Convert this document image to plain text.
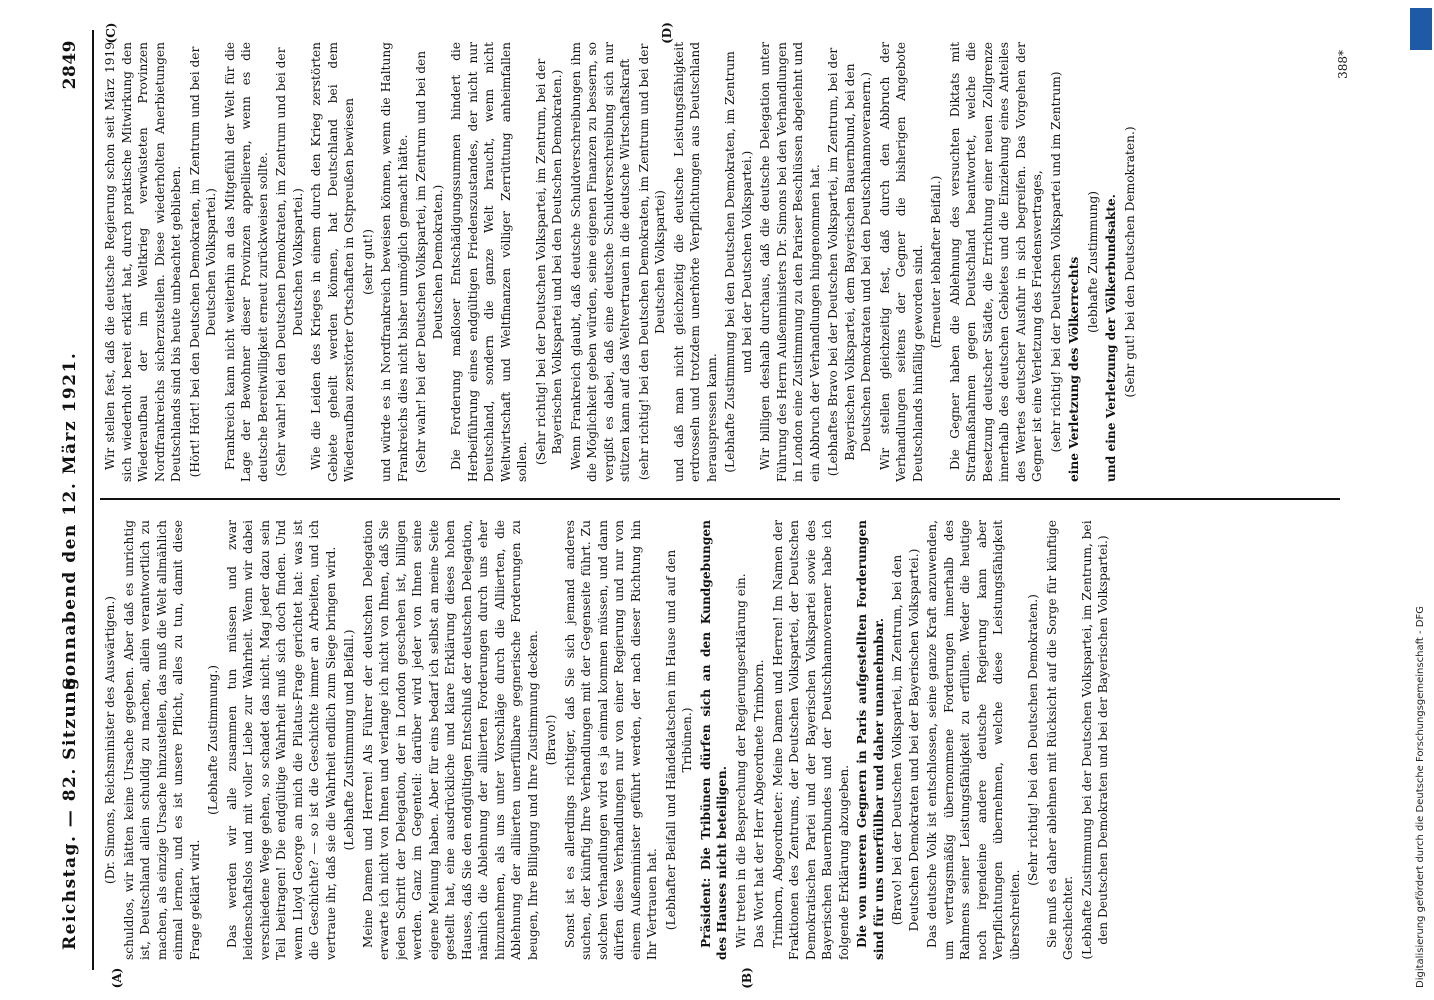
Reichstag. — 82. Sitzung.
Sonnabend den 12. März 1921.
2849
(A)	(B)
(C)	(D)

(Dr. Simons, Reichsminister des Auswärtigen.) schuldlos, wir hätten keine Ursache gegeben. Aber daß es unrichtig ist, Deutschland allein schuldig zu machen, allein verantwortlich zu machen, als einzige Ursache hinzustellen, das muß die Welt allmählich einmal lernen, und es ist unsere Pflicht, alles zu tun, damit diese Frage geklärt wird.

(Lebhafte Zustimmung.) Das werden wir alle zusammen tun müssen und zwar leidenschaftslos und mit voller Liebe zur Wahrheit. Wenn wir dabei verschiedene Wege gehen, so schadet das nicht. Mag jeder dazu sein Teil beitragen! Die endgültige Wahrheit muß sich doch finden. Und wenn Lloyd George an mich die Pilatus-Frage gerichtet hat: was ist die Geschichte? — so ist die Geschichte immer an Arbeiten, und ich vertraue ihr, daß sie die Wahrheit endlich zum Siege bringen wird. (Lebhafte Zustimmung und Beifall.) Meine Damen und Herren! Als Führer der deutschen Delegation erwarte ich nicht von Ihnen und verlange ich nicht von Ihnen, daß Sie jeden Schritt der Delegation, der in London geschehen ist, billigen werden. Ganz im Gegenteil: darüber wird jeder von Ihnen seine eigene Meinung haben. Aber für eins bedarf ich selbst an meine Seite gestellt hat, eine ausdrückliche und klare Erklärung dieses hohen Hauses, daß Sie den endgültigen Entschluß der deutschen Delegation, nämlich die Ablehnung der alliierten Forderungen durch uns eher hinzunehmen, als uns unter Vorschläge durch die Alliierten, die Ablehnung der alliierten unerfüllbare gegnerische Forderungen zu beugen, Ihre Billigung und Ihre Zustimmung decken. (Bravo!) Sonst ist es allerdings richtiger, daß Sie sich jemand anderes suchen, der künftig Ihre Verhandlungen mit der Gegenseite führt. Zu solchen Verhandlungen wird es ja einmal kommen müssen, und dann dürfen diese Verhandlungen nur von einer Regierung und nur von einem Außenminister geführt werden, der nach dieser Richtung hin Ihr Vertrauen hat. (Lebhafter Beifall und Händeklatschen im Hause und auf den Tribünen.) Präsident: Die Tribünen dürfen sich an den Kundgebungen des Hauses nicht beteiligen. Wir treten in die Besprechung der Regierungserklärung ein. Das Wort hat der Herr Abgeordnete Trimborn. Trimborn, Abgeordneter: Meine Damen und Herren! Im Namen der Fraktionen des Zentrums, der Deutschen Volkspartei, der Deutschen Demokratischen Partei und der Bayerischen Volkspartei sowie des Bayerischen Bauernbundes und der Deutschhannoveraner habe ich folgende Erklärung abzugeben. Die von unseren Gegnern in Paris aufgestellten Forderungen sind für uns unerfüllbar und daher unannehmbar. (Bravo! bei der Deutschen Volkspartei, im Zentrum, bei den Deutschen Demokraten und bei der Bayerischen Volkspartei.) Das deutsche Volk ist entschlossen, seine ganze Kraft anzuwenden, um vertragsmäßig übernommene Forderungen innerhalb des Rahmens seiner Leistungsfähigkeit zu erfüllen. Weder die heutige noch irgendeine andere deutsche Regierung kann aber Verpflichtungen übernehmen, welche diese Leistungsfähigkeit überschreiten.

(Sehr richtig! bei den Deutschen Demokraten.) Sie muß es daher ablehnen mit Rücksicht auf die Sorge für künftige Geschlechter. (Lebhafte Zustimmung bei der Deutschen Volkspartei, im Zentrum, bei den Deutschen Demokraten und bei der Bayerischen Volkspartei.)

Wir stellen fest, daß die deutsche Regierung schon seit März 1919 sich wiederholt bereit erklärt hat, durch praktische Mitwirkung den Wiederaufbau der im Weltkrieg verwüsteten Provinzen Nordfrankreichs sicherzustellen. Diese wiederholten Anerbietungen Deutschlands sind bis heute unbeachtet geblieben. (Hört! Hört! bei den Deutschen Demokraten, im Zentrum und bei der Deutschen Volkspartei.) Frankreich kann nicht weiterhin an das Mitgefühl der Welt für die Lage der Bewohner dieser Provinzen appellieren, wenn es die deutsche Bereitwilligkeit erneut zurückweisen sollte. (Sehr wahr! bei den Deutschen Demokraten, im Zentrum und bei der Deutschen Volkspartei.) Wie die Leiden des Krieges in einem durch den Krieg zerstörten Gebiete geheilt werden können, hat Deutschland bei dem Wiederaufbau zerstörter Ortschaften in Ostpreußen bewiesen (sehr gut!) und würde es in Nordfrankreich beweisen können, wenn die Haltung Frankreichs dies nicht bisher unmöglich gemacht hätte. (Sehr wahr! bei der Deutschen Volkspartei, im Zentrum und bei den Deutschen Demokraten.) Die Forderung maßloser Entschädigungssummen hindert die Herbeiführung eines endgültigen Friedenszustandes, der nicht nur Deutschland, sondern die ganze Welt braucht, wenn nicht Weltwirtschaft und Weltfinanzen völliger Zerrüttung anheimfallen sollen. (Sehr richtig! bei der Deutschen Volkspartei, im Zentrum, bei der Bayerischen Volkspartei und bei den Deutschen Demokraten.) Wenn Frankreich glaubt, daß deutsche Schuldverschreibungen ihm die Möglichkeit geben würden, seine eigenen Finanzen zu bessern, so vergißt es dabei, daß eine deutsche Schuldverschreibung sich nur stützen kann auf das Weltvertrauen in die deutsche Wirtschaftskraft (sehr richtig! bei den Deutschen Demokraten, im Zentrum und bei der Deutschen Volkspartei) und daß man nicht gleichzeitig die deutsche Leistungsfähigkeit erdrosseln und trotzdem unerhörte Verpflichtungen aus Deutschland herauspressen kann. (Lebhafte Zustimmung bei den Deutschen Demokraten, im Zentrum und bei der Deutschen Volkspartei.) Wir billigen deshalb durchaus, daß die deutsche Delegation unter Führung des Herrn Außenministers Dr. Simons bei den Verhandlungen in London eine Zustimmung zu den Pariser Beschlüssen abgelehnt und ein Abbruch der Verhandlungen hingenommen hat. (Lebhaftes Bravo bei der Deutschen Volkspartei, im Zentrum, bei der Bayerischen Volkspartei, dem Bayerischen Bauernbund, bei den Deutschen Demokraten und bei den Deutschhannoveranern.) Wir stellen gleichzeitig fest, daß durch den Abbruch der Verhandlungen seitens der Gegner die bisherigen Angebote Deutschlands hinfällig geworden sind. (Erneuter lebhafter Beifall.) Die Gegner haben die Ablehnung des versuchten Diktats mit Strafmaßnahmen gegen Deutschland beantwortet, welche die Besetzung deutscher Städte, die Errichtung einer neuen Zollgrenze innerhalb des deutschen Gebietes und die Einziehung eines Anteiles des Wertes deutscher Ausfuhr in sich begreifen. Das Vorgehen der Gegner ist eine Verletzung des Friedensvertrages, (sehr richtig! bei der Deutschen Volkspartei und im Zentrum) eine Verletzung des Völkerrechts (lebhafte Zustimmung) und eine Verletzung der Völkerbundsakte. (Sehr gut! bei den Deutschen Demokraten.)

388*
Digitalisierung gefördert durch die Deutsche Forschungsgemeinschaft - DFG
